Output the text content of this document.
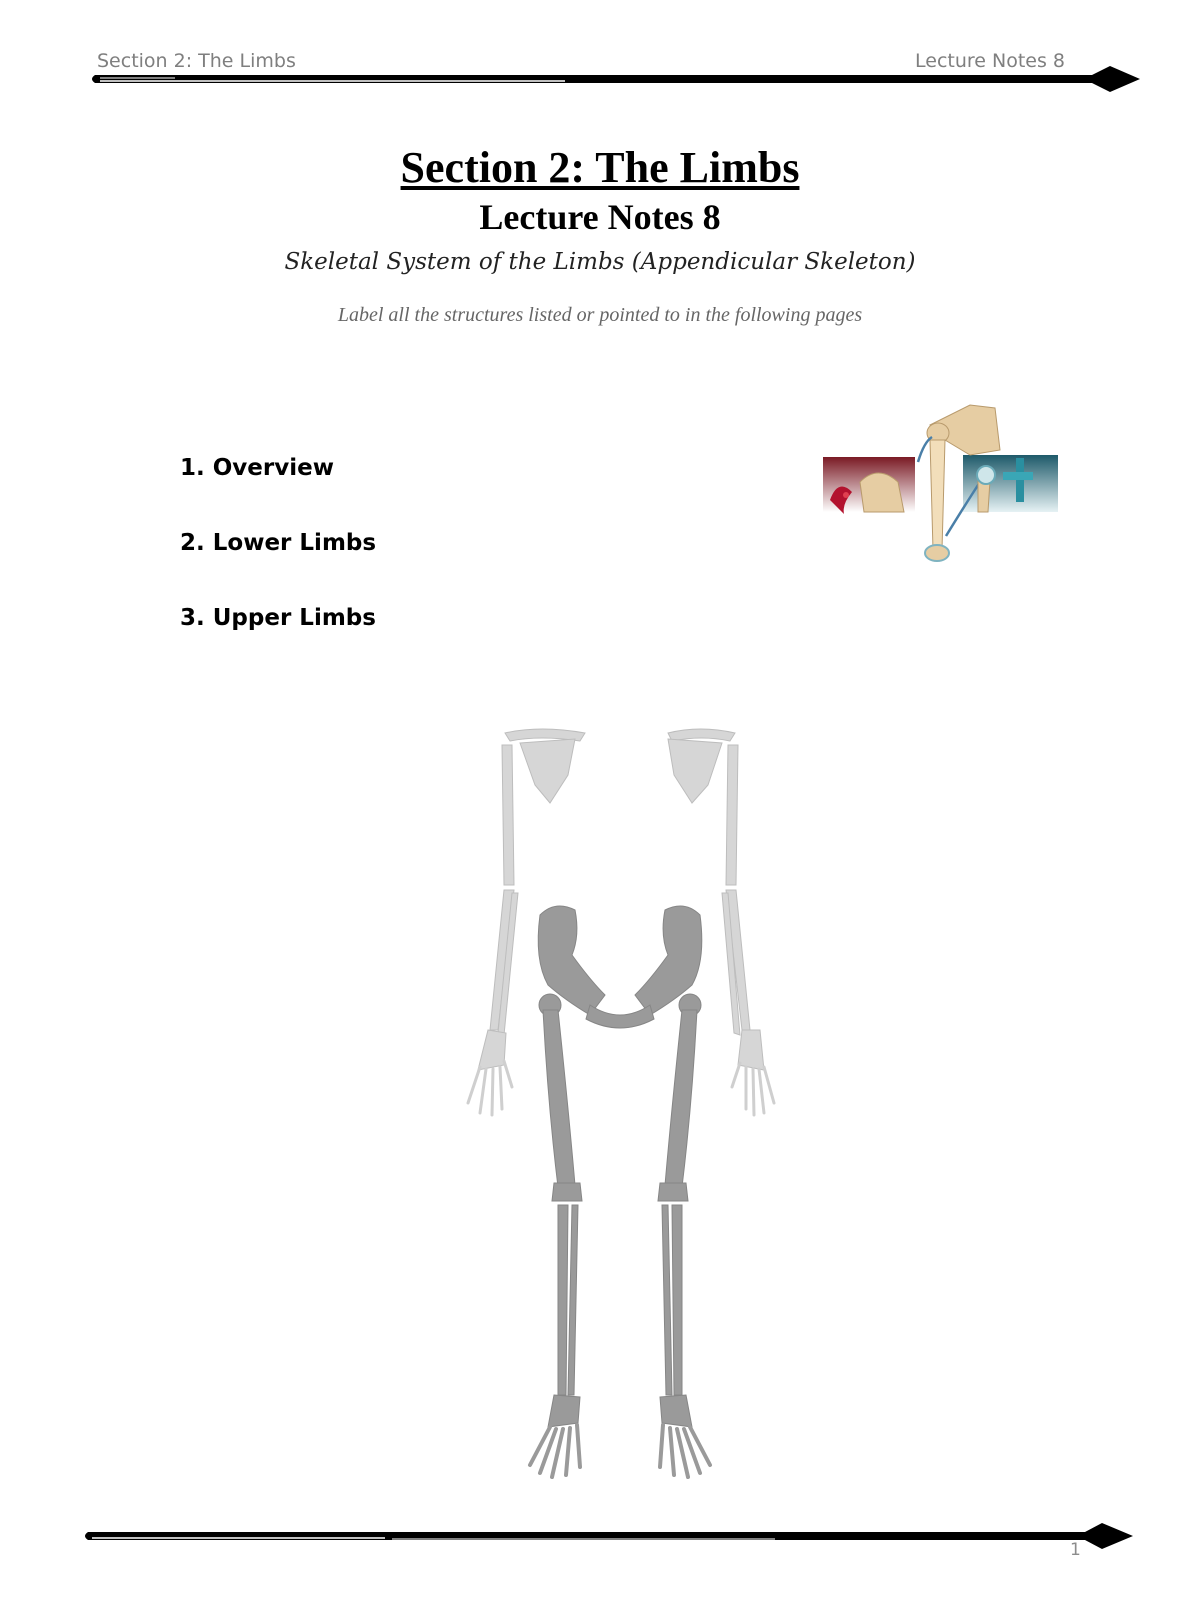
Section 2: The Limbs	Lecture Notes 8
Section 2: The Limbs
Lecture Notes 8
Skeletal System of the Limbs (Appendicular Skeleton)
Label all the structures listed or pointed to in the following pages
1. Overview
2. Lower Limbs
3. Upper Limbs
1
